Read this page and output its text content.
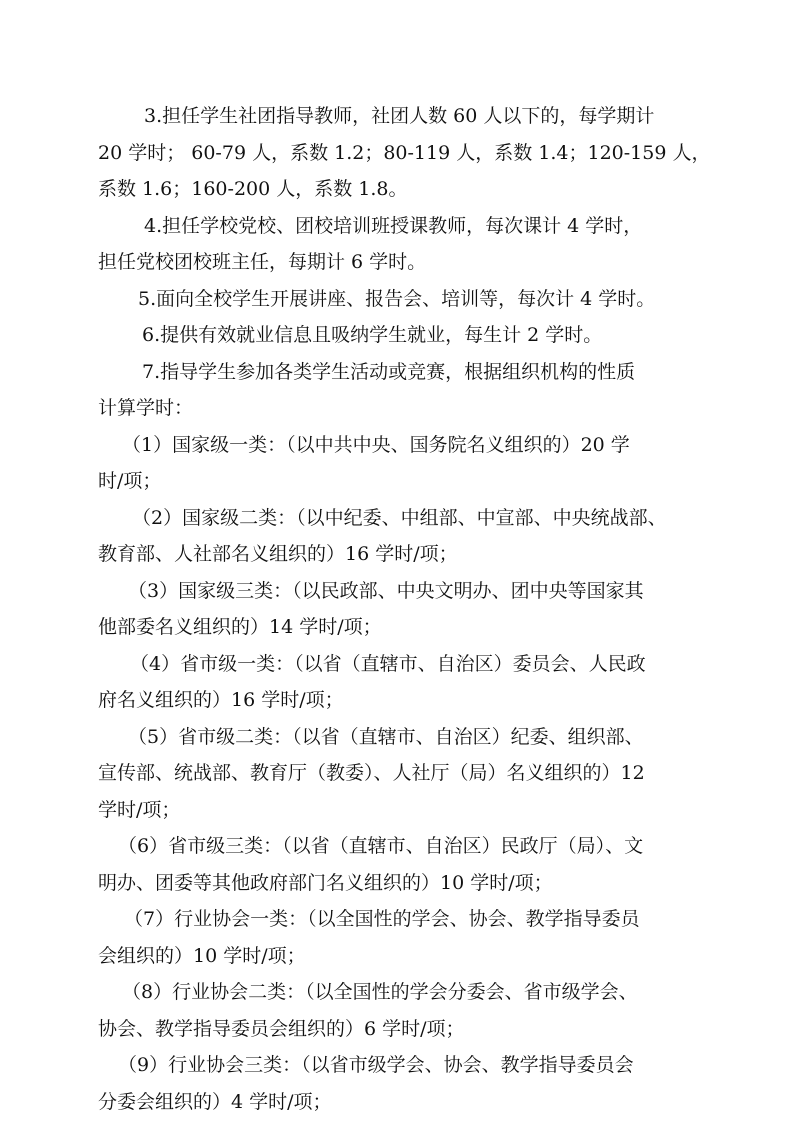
3.担任学生社团指导教师，社团人数 60 人以下的，每学期计
20 学时； 60-79 人，系数 1.2；80-119 人，系数 1.4；120-159 人，
系数 1.6；160-200 人，系数 1.8。
4.担任学校党校、团校培训班授课教师，每次课计 4 学时，
担任党校团校班主任，每期计 6 学时。
5.面向全校学生开展讲座、报告会、培训等，每次计 4 学时。
6.提供有效就业信息且吸纳学生就业，每生计 2 学时。
7.指导学生参加各类学生活动或竞赛，根据组织机构的性质
计算学时：
（1）国家级一类：（以中共中央、国务院名义组织的）20 学
时/项；
（2）国家级二类：（以中纪委、中组部、中宣部、中央统战部、
教育部、人社部名义组织的）16 学时/项；
（3）国家级三类：（以民政部、中央文明办、团中央等国家其
他部委名义组织的）14 学时/项；
（4）省市级一类：（以省（直辖市、自治区）委员会、人民政
府名义组织的）16 学时/项；
（5）省市级二类：（以省（直辖市、自治区）纪委、组织部、
宣传部、统战部、教育厅（教委）、人社厅（局）名义组织的）12
学时/项；
（6）省市级三类：（以省（直辖市、自治区）民政厅（局）、文
明办、团委等其他政府部门名义组织的）10 学时/项；
（7）行业协会一类：（以全国性的学会、协会、教学指导委员
会组织的）10 学时/项；
（8）行业协会二类：（以全国性的学会分委会、省市级学会、
协会、教学指导委员会组织的）6 学时/项；
（9）行业协会三类：（以省市级学会、协会、教学指导委员会
分委会组织的）4 学时/项；
